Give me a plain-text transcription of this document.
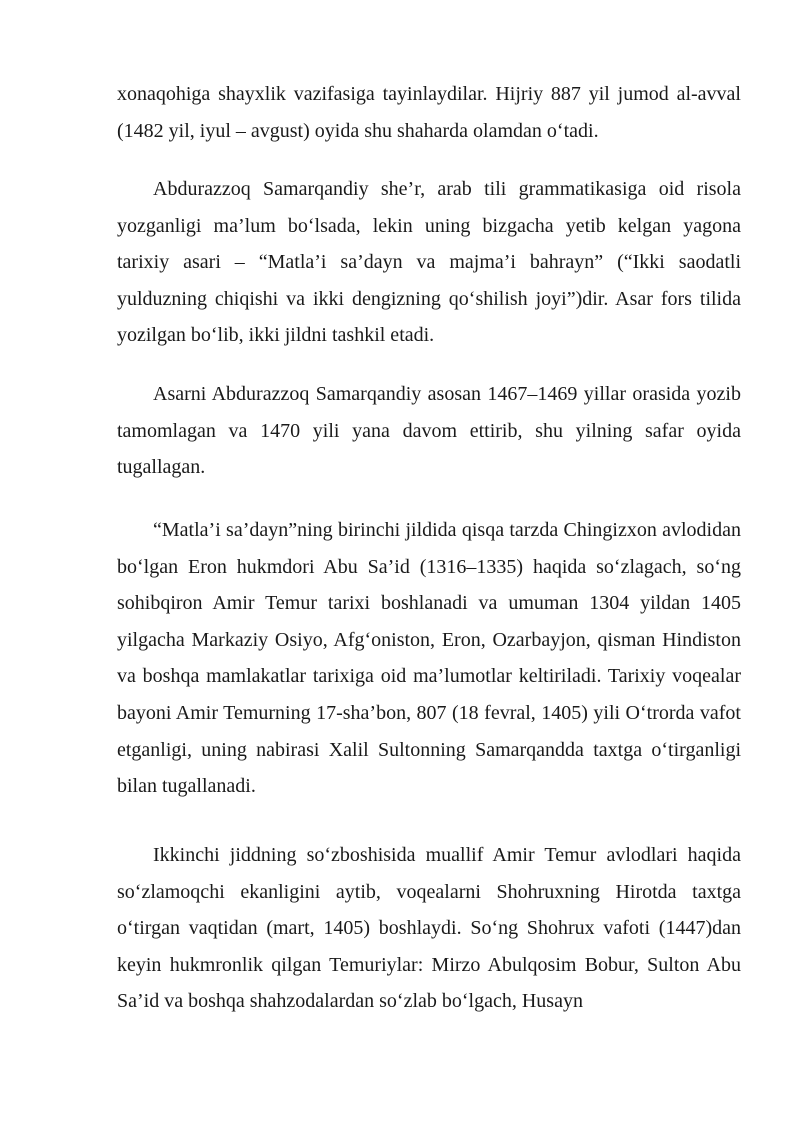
xonaqohiga shayxlik vazifasiga tayinlaydilar. Hijriy 887 yil jumod al-avval (1482 yil, iyul – avgust) oyida shu shaharda olamdan o‘tadi.

Abdurazzoq Samarqandiy she’r, arab tili grammatikasiga oid risola yozganligi ma’lum bo‘lsada, lekin uning bizgacha yetib kelgan yagona tarixiy asari – “Matla’i sa’dayn va majma’i bahrayn” (“Ikki saodatli yulduzning chiqishi va ikki dengizning qo‘shilish joyi”)dir. Asar fors tilida yozilgan bo‘lib, ikki jildni tashkil etadi.

Asarni Abdurazzoq Samarqandiy asosan 1467–1469 yillar orasida yozib tamomlagan va 1470 yili yana davom ettirib, shu yilning safar oyida tugallagan.

“Matla’i sa’dayn”ning birinchi jildida qisqa tarzda Chingizxon avlodidan bo‘lgan Eron hukmdori Abu Sa’id (1316–1335) haqida so‘zlagach, so‘ng sohibqiron Amir Temur tarixi boshlanadi va umuman 1304 yildan 1405 yilgacha Markaziy Osiyo, Afg‘oniston, Eron, Ozarbayjon, qisman Hindiston va boshqa mamlakatlar tarixiga oid ma’lumotlar keltiriladi. Tarixiy voqealar bayoni Amir Temurning 17-sha’bon, 807 (18 fevral, 1405) yili O‘trorda vafot etganligi, uning nabirasi Xalil Sultonning Samarqandda taxtga o‘tirganligi bilan tugallanadi.

Ikkinchi jiddning so‘zboshisida muallif Amir Temur avlodlari haqida so‘zlamoqchi ekanligini aytib, voqealarni Shohruxning Hirotda taxtga o‘tirgan vaqtidan (mart, 1405) boshlaydi. So‘ng Shohrux vafoti (1447)dan keyin hukmronlik qilgan Temuriylar: Mirzo Abulqosim Bobur, Sulton Abu Sa’id va boshqa shahzodalardan so‘zlab bo‘lgach, Husayn
